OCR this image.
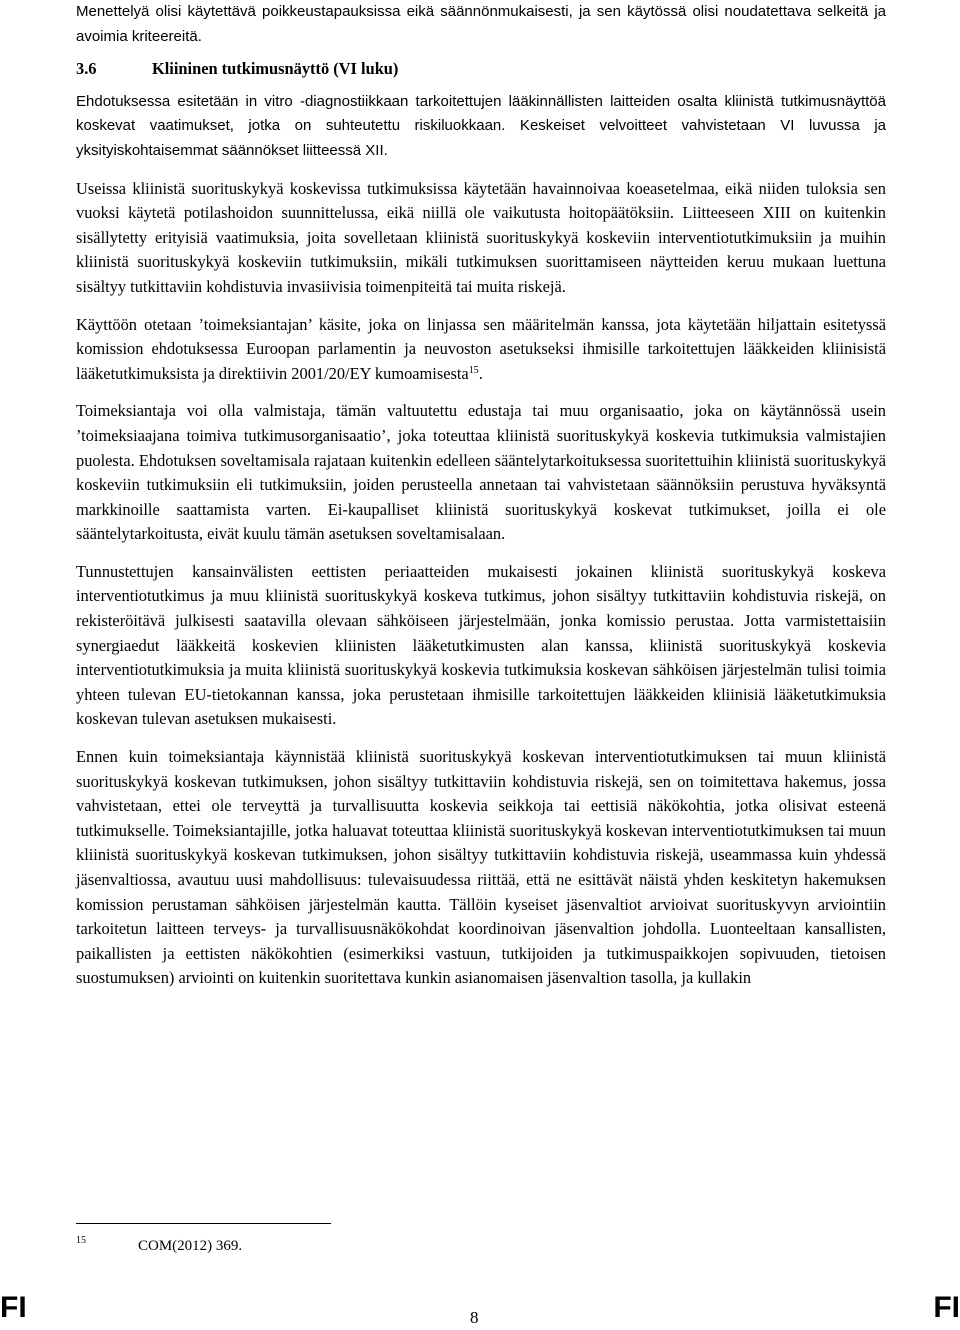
Menettelyä olisi käytettävä poikkeustapauksissa eikä säännönmukaisesti, ja sen käytössä olisi noudatettava selkeitä ja avoimia kriteereitä.

3.6	Kliininen tutkimusnäyttö (VI luku)

Ehdotuksessa esitetään in vitro -diagnostiikkaan tarkoitettujen lääkinnällisten laitteiden osalta kliinistä tutkimusnäyttöä koskevat vaatimukset, jotka on suhteutettu riskiluokkaan. Keskeiset velvoitteet vahvistetaan VI luvussa ja yksityiskohtaisemmat säännökset liitteessä XII.

Useissa kliinistä suorituskykyä koskevissa tutkimuksissa käytetään havainnoivaa koeasetelmaa, eikä niiden tuloksia sen vuoksi käytetä potilashoidon suunnittelussa, eikä niillä ole vaikutusta hoitopäätöksiin. Liitteeseen XIII on kuitenkin sisällytetty erityisiä vaatimuksia, joita sovelletaan kliinistä suorituskykyä koskeviin interventiotutkimuksiin ja muihin kliinistä suorituskykyä koskeviin tutkimuksiin, mikäli tutkimuksen suorittamiseen näytteiden keruu mukaan luettuna sisältyy tutkittaviin kohdistuvia invasiivisia toimenpiteitä tai muita riskejä.

Käyttöön otetaan ’toimeksiantajan’ käsite, joka on linjassa sen määritelmän kanssa, jota käytetään hiljattain esitetyssä komission ehdotuksessa Euroopan parlamentin ja neuvoston asetukseksi ihmisille tarkoitettujen lääkkeiden kliinisistä lääketutkimuksista ja direktiivin 2001/20/EY kumoamisesta$^{15}$.

Toimeksiantaja voi olla valmistaja, tämän valtuutettu edustaja tai muu organisaatio, joka on käytännössä usein ’toimeksiaajana toimiva tutkimusorganisaatio’, joka toteuttaa kliinistä suorituskykyä koskevia tutkimuksia valmistajien puolesta. Ehdotuksen soveltamisala rajataan kuitenkin edelleen sääntelytarkoituksessa suoritettuihin kliinistä suorituskykyä koskeviin tutkimuksiin eli tutkimuksiin, joiden perusteella annetaan tai vahvistetaan säännöksiin perustuva hyväksyntä markkinoille saattamista varten. Ei-kaupalliset kliinistä suorituskykyä koskevat tutkimukset, joilla ei ole sääntelytarkoitusta, eivät kuulu tämän asetuksen soveltamisalaan.

Tunnustettujen kansainvälisten eettisten periaatteiden mukaisesti jokainen kliinistä suorituskykyä koskeva interventiotutkimus ja muu kliinistä suorituskykyä koskeva tutkimus, johon sisältyy tutkittaviin kohdistuvia riskejä, on rekisteröitävä julkisesti saatavilla olevaan sähköiseen järjestelmään, jonka komissio perustaa. Jotta varmistettaisiin synergiaedut lääkkeitä koskevien kliinisten lääketutkimusten alan kanssa, kliinistä suorituskykyä koskevia interventiotutkimuksia ja muita kliinistä suorituskykyä koskevia tutkimuksia koskevan sähköisen järjestelmän tulisi toimia yhteen tulevan EU-tietokannan kanssa, joka perustetaan ihmisille tarkoitettujen lääkkeiden kliinisiä lääketutkimuksia koskevan tulevan asetuksen mukaisesti.

Ennen kuin toimeksiantaja käynnistää kliinistä suorituskykyä koskevan interventiotutkimuksen tai muun kliinistä suorituskykyä koskevan tutkimuksen, johon sisältyy tutkittaviin kohdistuvia riskejä, sen on toimitettava hakemus, jossa vahvistetaan, ettei ole terveyttä ja turvallisuutta koskevia seikkoja tai eettisiä näkökohtia, jotka olisivat esteenä tutkimukselle. Toimeksiantajille, jotka haluavat toteuttaa kliinistä suorituskykyä koskevan interventiotutkimuksen tai muun kliinistä suorituskykyä koskevan tutkimuksen, johon sisältyy tutkittaviin kohdistuvia riskejä, useammassa kuin yhdessä jäsenvaltiossa, avautuu uusi mahdollisuus: tulevaisuudessa riittää, että ne esittävät näistä yhden keskitetyn hakemuksen komission perustaman sähköisen järjestelmän kautta. Tällöin kyseiset jäsenvaltiot arvioivat suorituskyvyn arviointiin tarkoitetun laitteen terveys- ja turvallisuusnäkökohdat koordinoivan jäsenvaltion johdolla. Luonteeltaan kansallisten, paikallisten ja eettisten näkökohtien (esimerkiksi vastuun, tutkijoiden ja tutkimuspaikkojen sopivuuden, tietoisen suostumuksen) arviointi on kuitenkin suoritettava kunkin asianomaisen jäsenvaltion tasolla, ja kullakin

15	COM(2012) 369.
FI	8	FI
